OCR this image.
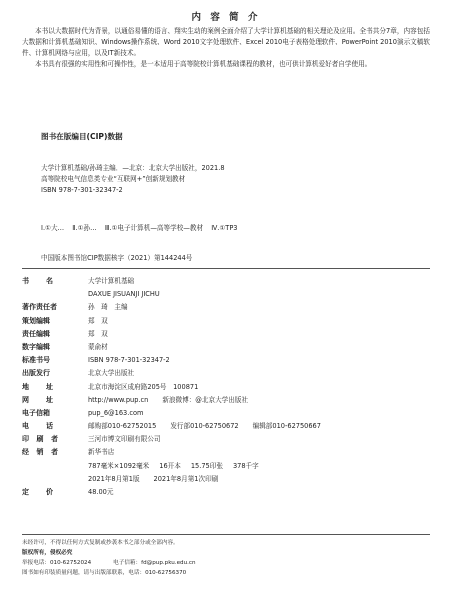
内 容 简 介

本书以大数据时代为背景，以通俗易懂的语言、翔实生动的案例全面介绍了大学计算机基础的相关理论及应用。全书共分7章，内容包括大数据和计算机基础知识、Windows操作系统、Word 2010文字处理软件、Excel 2010电子表格处理软件、PowerPoint 2010演示文稿软件、计算机网络与应用，以及IT新技术。

本书具有很强的实用性和可操作性，是一本适用于高等院校计算机基础课程的教材，也可供计算机爱好者自学使用。

图书在版编目(CIP)数据
大学计算机基础/孙琦主编．—北京：北京大学出版社，2021.8
高等院校电气信息类专业“互联网+”创新规划教材
ISBN 978-7-301-32347-2
Ⅰ.①大… Ⅱ.①孙… Ⅲ.①电子计算机—高等学校—教材 Ⅳ.①TP3
中国版本图书馆CIP数据核字（2021）第144244号
书名	大学计算机基础
DAXUE JISUANJI JICHU
著作责任者	孙　琦　主编
策划编辑	郑　双
责任编辑	郑　双
数字编辑	蒙俞材
标准书号	ISBN 978-7-301-32347-2
出版发行	北京大学出版社
地址	北京市海淀区成府路205号　100871
网址	http://www.pup.cn 新浪微博：@北京大学出版社
电子信箱	pup_6@163.com
电话	邮购部010-62752015 发行部010-62750672 编辑部010-62750667
印刷者	三河市博文印刷有限公司
经销者	新华书店
787毫米×1092毫米 16开本 15.75印张 378千字
2021年8月第1版 2021年8月第1次印刷
定价	48.00元
未经许可，不得以任何方式复制或抄袭本书之部分或全部内容。
版权所有，侵权必究
举报电话：010-62752024	电子信箱：fd@pup.pku.edu.cn
图书如有印装质量问题，请与出版部联系，电话：010-62756370
